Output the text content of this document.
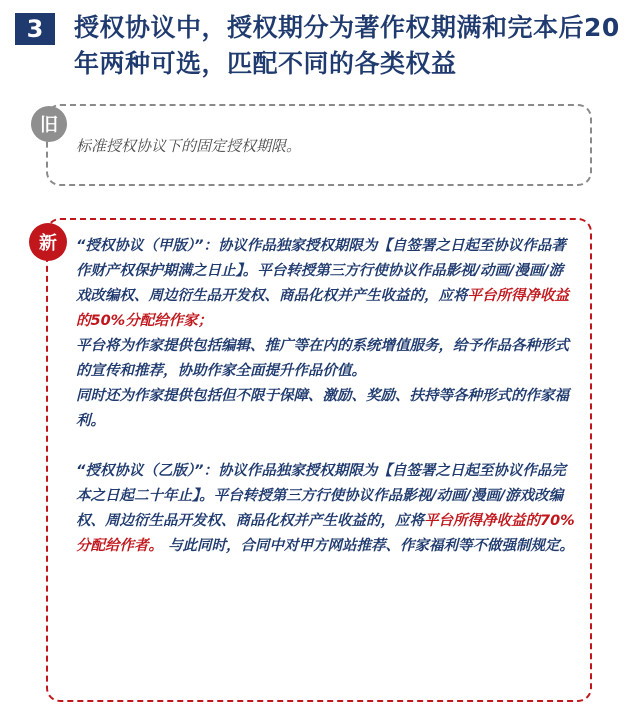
3	授权协议中，授权期分为著作权期满和完本后20年两种可选，匹配不同的各类权益
旧
标准授权协议下的固定授权期限。
新	“授权协议（甲版）”：协议作品独家授权期限为【自签署之日起至协议作品著作财产权保护期满之日止】。平台转授第三方行使协议作品影视/动画/漫画/游戏改编权、周边衍生品开发权、商品化权并产生收益的，应将平台所得净收益的50%分配给作家；

平台将为作家提供包括编辑、推广等在内的系统增值服务，给予作品各种形式的宣传和推荐，协助作家全面提升作品价值。

同时还为作家提供包括但不限于保障、激励、奖励、扶持等各种形式的作家福利。

“授权协议（乙版）”：协议作品独家授权期限为【自签署之日起至协议作品完本之日起二十年止】。平台转授第三方行使协议作品影视/动画/漫画/游戏改编权、周边衍生品开发权、商品化权并产生收益的，应将平台所得净收益的70%分配给作者。 与此同时，合同中对甲方网站推荐、作家福利等不做强制规定。
